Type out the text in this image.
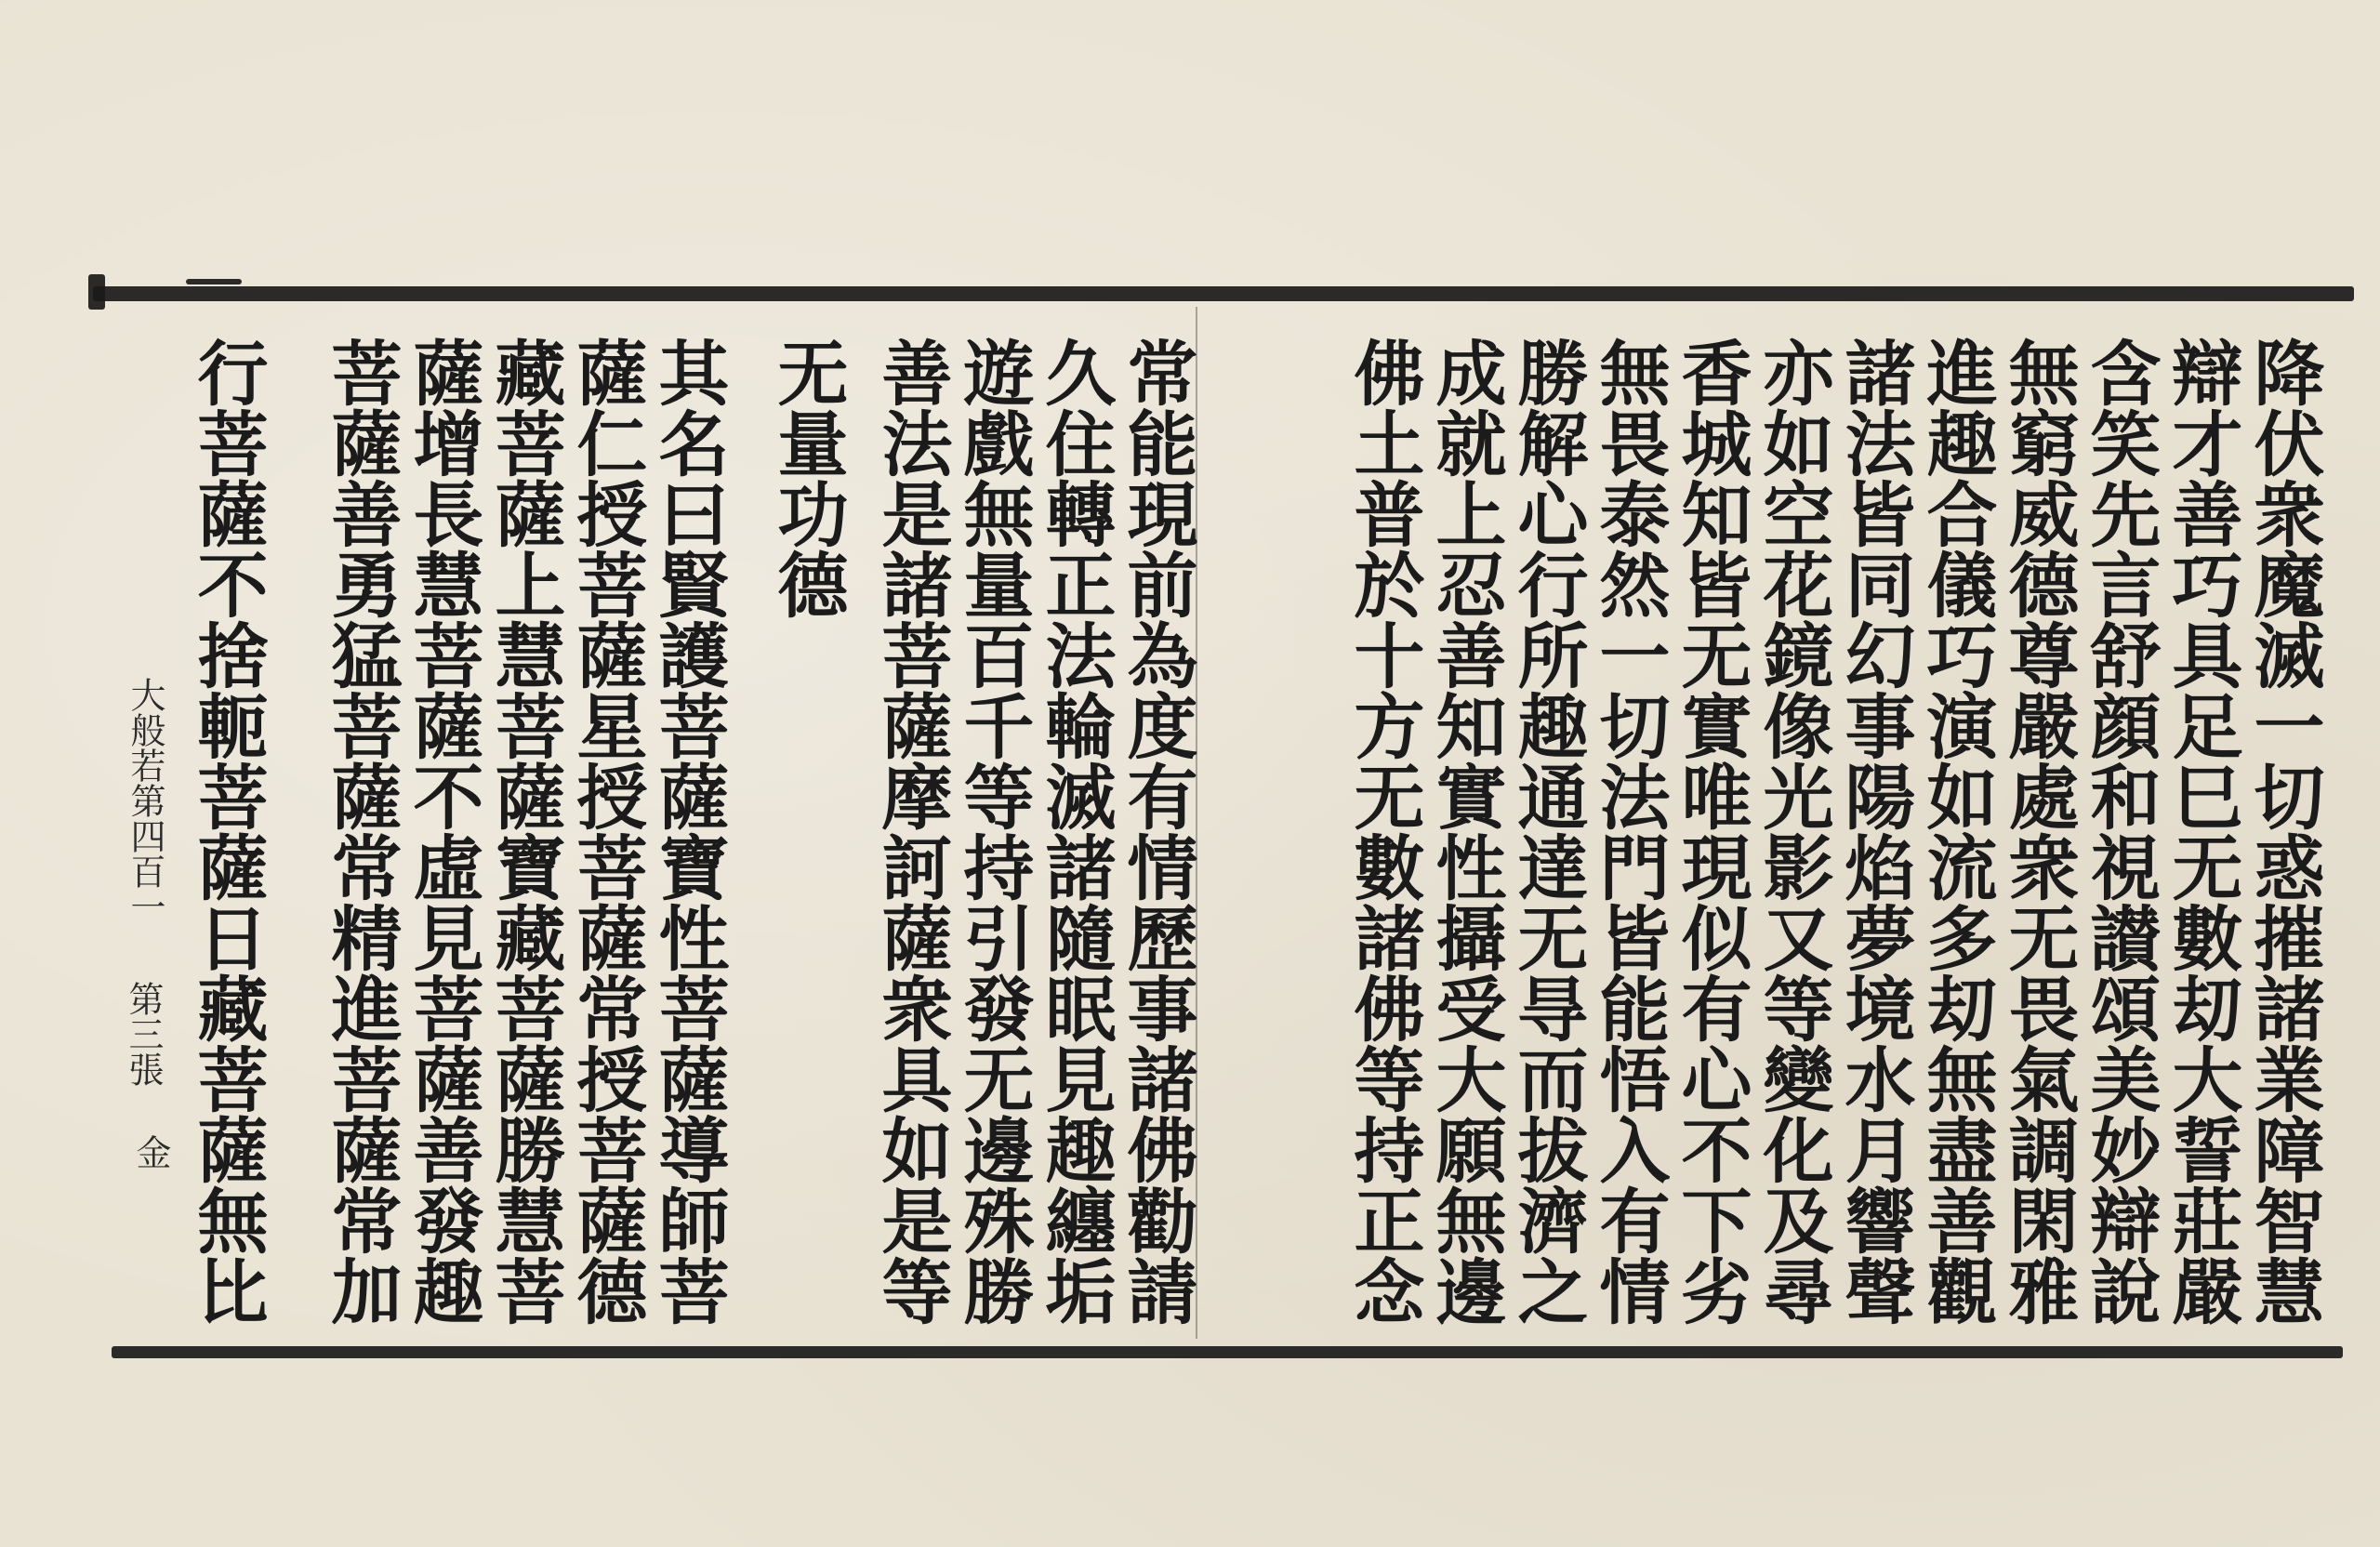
降伏衆魔滅一切惑摧諸業障智慧
辯才善巧具足巳无數刧大誓莊嚴
含笑先言舒顔和視讃頌美妙辯說
無窮威德尊嚴處衆无畏氣調閑雅
進趣合儀巧演如流多刧無盡善觀
諸法皆同幻事陽焰夢境水月響聲
亦如空花鏡像光影又等變化及尋
香城知皆无實唯現似有心不下劣
無畏泰然一切法門皆能悟入有情
勝解心行所趣通達无㝵而拔濟之
成就上忍善知實性攝受大願無邊
佛土普於十方无數諸佛等持正念
常能現前為度有情歷事諸佛勸請
久住轉正法輪滅諸隨眠見趣纏垢
遊戲無量百千等持引發无邊殊勝
善法是諸菩薩摩訶薩衆具如是等
无量功德
其名曰賢護菩薩寶性菩薩導師菩
薩仁授菩薩星授菩薩常授菩薩德
藏菩薩上慧菩薩寶藏菩薩勝慧菩
薩增長慧菩薩不虛見菩薩善發趣
菩薩善勇猛菩薩常精進菩薩常加
行菩薩不捨軛菩薩日藏菩薩無比
大般若第四百一
第三張
金
